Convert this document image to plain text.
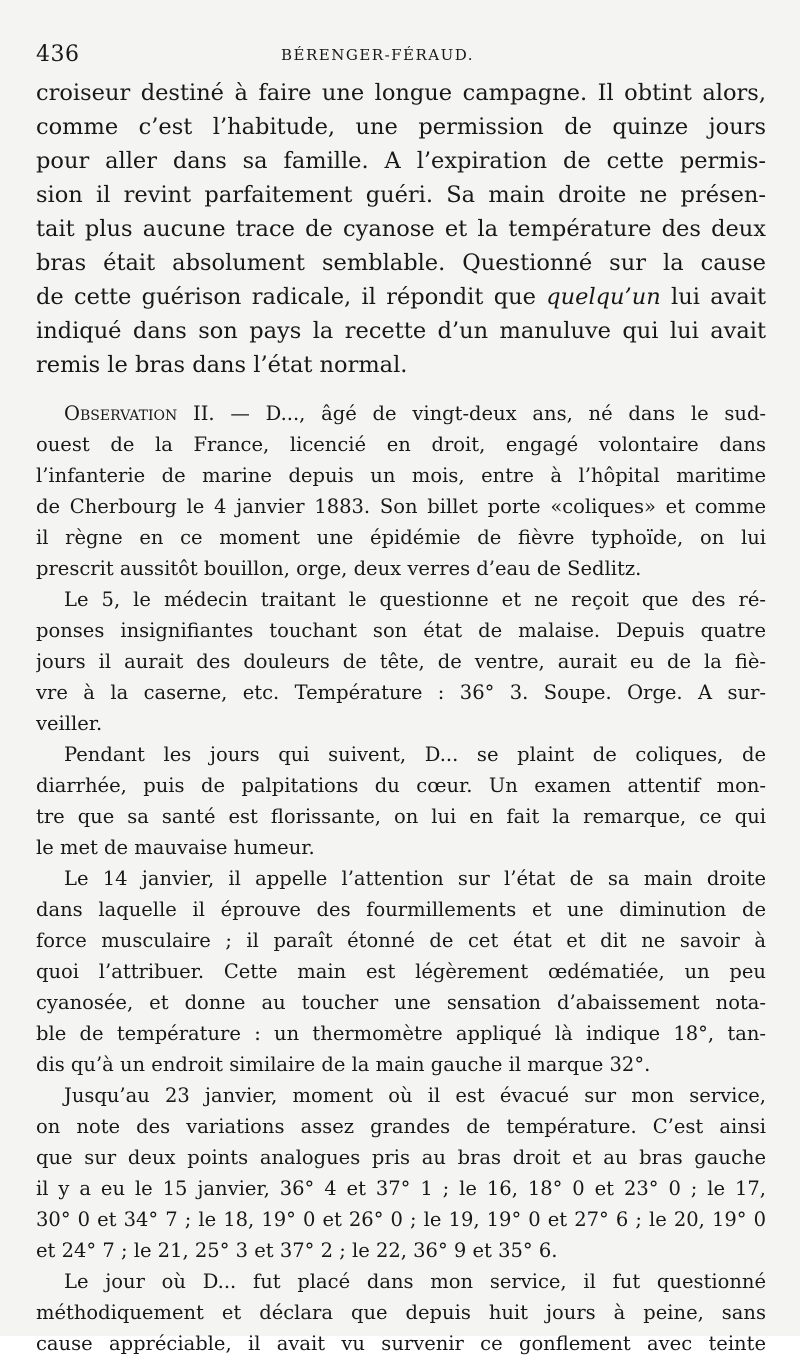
436	BÉRENGER-FÉRAUD.
croiseur destiné à faire une longue campagne. Il obtint alors,
comme c’est l’habitude, une permission de quinze jours
pour aller dans sa famille. A l’expiration de cette permis-
sion il revint parfaitement guéri. Sa main droite ne présen-
tait plus aucune trace de cyanose et la température des deux
bras était absolument semblable. Questionné sur la cause
de cette guérison radicale, il répondit que quelqu’un lui avait
indiqué dans son pays la recette d’un manuluve qui lui avait
remis le bras dans l’état normal.
Observation II. — D..., âgé de vingt-deux ans, né dans le sud-
ouest de la France, licencié en droit, engagé volontaire dans
l’infanterie de marine depuis un mois, entre à l’hôpital maritime
de Cherbourg le 4 janvier 1883. Son billet porte «coliques» et comme
il règne en ce moment une épidémie de fièvre typhoïde, on lui
prescrit aussitôt bouillon, orge, deux verres d’eau de Sedlitz.
Le 5, le médecin traitant le questionne et ne reçoit que des ré-
ponses insignifiantes touchant son état de malaise. Depuis quatre
jours il aurait des douleurs de tête, de ventre, aurait eu de la fiè-
vre à la caserne, etc. Température : 36° 3. Soupe. Orge. A sur-
veiller.
Pendant les jours qui suivent, D... se plaint de coliques, de
diarrhée, puis de palpitations du cœur. Un examen attentif mon-
tre que sa santé est florissante, on lui en fait la remarque, ce qui
le met de mauvaise humeur.
Le 14 janvier, il appelle l’attention sur l’état de sa main droite
dans laquelle il éprouve des fourmillements et une diminution de
force musculaire ; il paraît étonné de cet état et dit ne savoir à
quoi l’attribuer. Cette main est légèrement œdématiée, un peu
cyanosée, et donne au toucher une sensation d’abaissement nota-
ble de température : un thermomètre appliqué là indique 18°, tan-
dis qu’à un endroit similaire de la main gauche il marque 32°.
Jusqu’au 23 janvier, moment où il est évacué sur mon service,
on note des variations assez grandes de température. C’est ainsi
que sur deux points analogues pris au bras droit et au bras gauche
il y a eu le 15 janvier, 36° 4 et 37° 1 ; le 16, 18° 0 et 23° 0 ; le 17,
30° 0 et 34° 7 ; le 18, 19° 0 et 26° 0 ; le 19, 19° 0 et 27° 6 ; le 20, 19° 0
et 24° 7 ; le 21, 25° 3 et 37° 2 ; le 22, 36° 9 et 35° 6.
Le jour où D... fut placé dans mon service, il fut questionné
méthodiquement et déclara que depuis huit jours à peine, sans
cause appréciable, il avait vu survenir ce gonflement avec teinte
